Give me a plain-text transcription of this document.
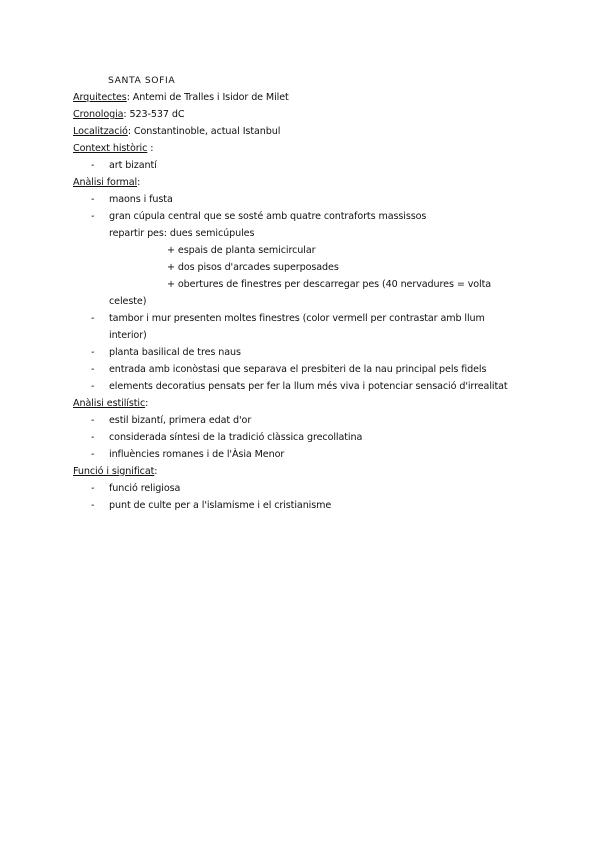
SANTA SOFIA
Arquitectes: Antemi de Tralles i Isidor de Milet
Cronologia: 523-537 dC
Localització: Constantinoble, actual Istanbul
Context històric :
- art bizantí
Anàlisi formal:
- maons i fusta
- gran cúpula central que se sosté amb quatre contraforts massissos
repartir pes: dues semicúpules
+ espais de planta semicircular
+ dos pisos d'arcades superposades
+ obertures de finestres per descarregar pes (40 nervadures = volta
celeste)
- tambor i mur presenten moltes finestres (color vermell per contrastar amb llum
interior)
- planta basilical de tres naus
- entrada amb iconòstasi que separava el presbiteri de la nau principal pels fidels
- elements decoratius pensats per fer la llum més viva i potenciar sensació d'irrealitat
Anàlisi estilístic:
- estil bizantí, primera edat d'or
- considerada síntesi de la tradició clàssica grecollatina
- influències romanes i de l'Àsia Menor
Funció i significat:
- funció religiosa
- punt de culte per a l'islamisme i el cristianisme
